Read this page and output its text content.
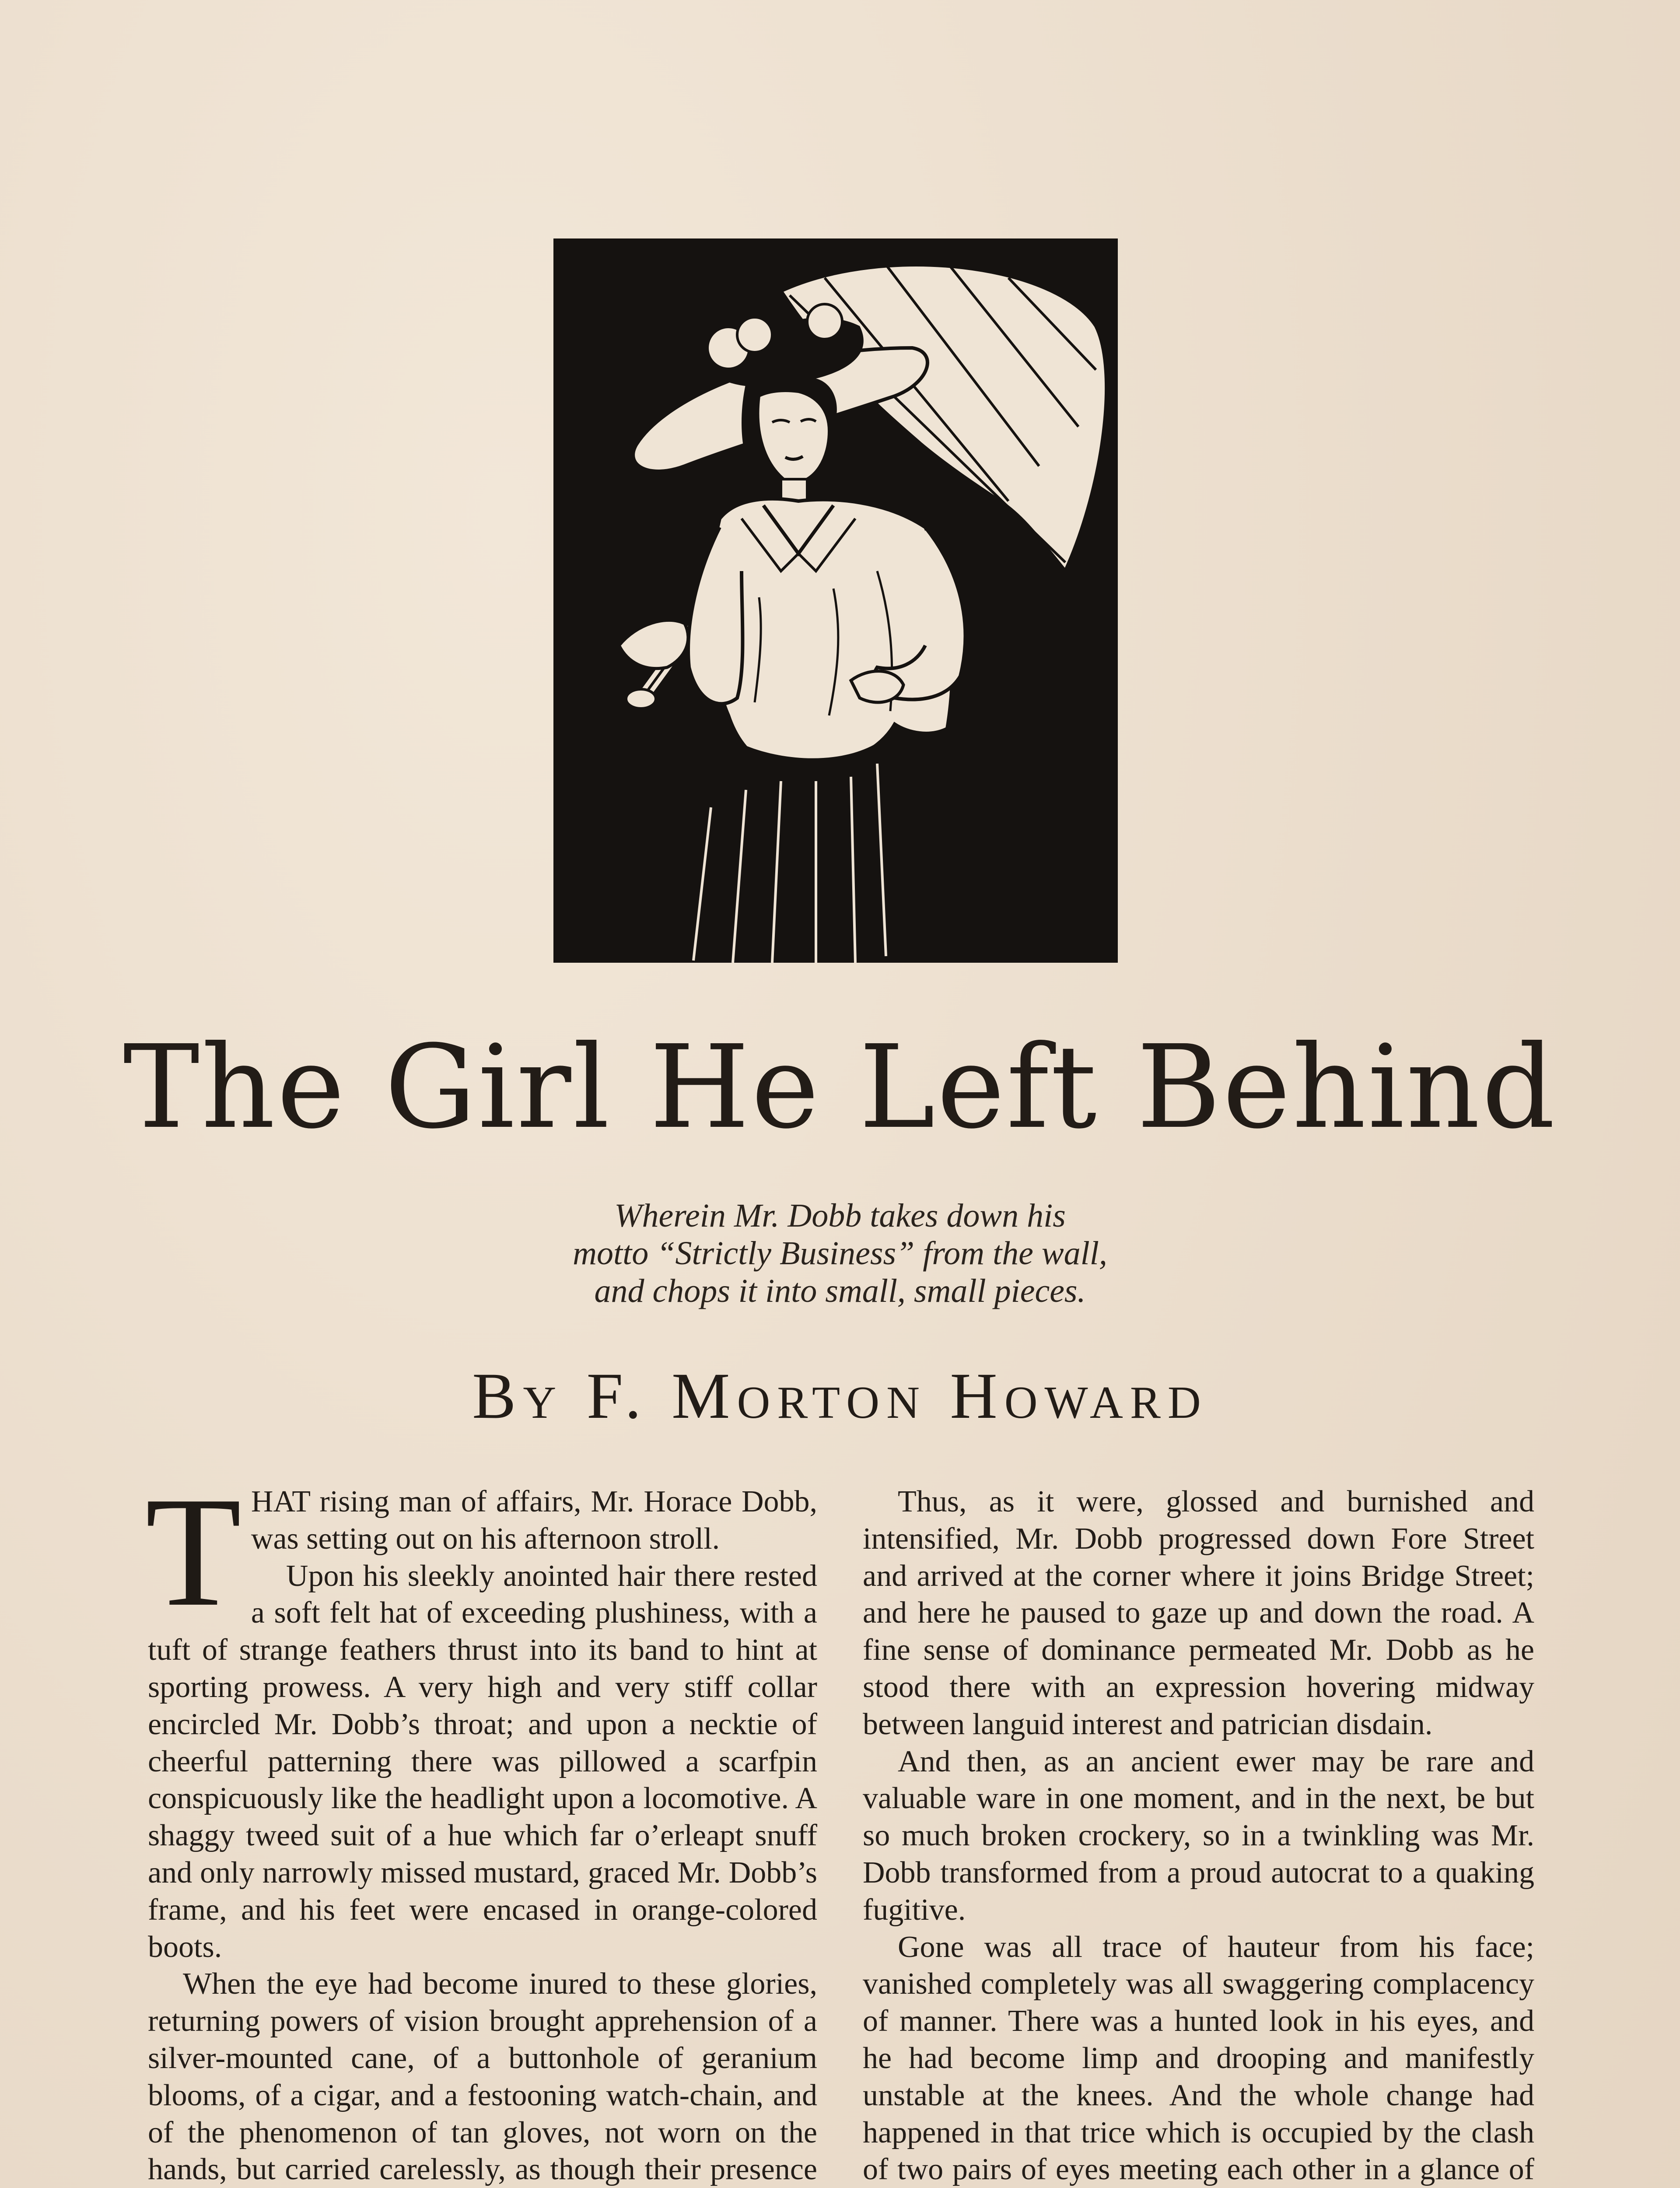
The Girl He Left Behind
Wherein Mr. Dobb takes down his
motto “Strictly Business” from the wall,
and chops it into small, small pieces.
By F. Morton Howard

THAT rising man of affairs, Mr. Horace Dobb, was setting out on his afternoon stroll.

Upon his sleekly anointed hair there rested a soft felt hat of exceeding plushiness, with a tuft of strange feathers thrust into its band to hint at sporting prowess. A very high and very stiff collar encircled Mr. Dobb’s throat; and upon a necktie of cheerful patterning there was pillowed a scarfpin conspicuously like the headlight upon a locomotive. A shaggy tweed suit of a hue which far o’erleapt snuff and only narrowly missed mustard, graced Mr. Dobb’s frame, and his feet were encased in orange-colored boots.

When the eye had become inured to these glories, returning powers of vision brought apprehension of a silver-mounted cane, of a buttonhole of geranium blooms, of a cigar, and a festooning watch-chain, and of the phenomenon of tan gloves, not worn on the hands, but carried carelessly, as though their presence

Thus, as it were, glossed and burnished and intensified, Mr. Dobb progressed down Fore Street and arrived at the corner where it joins Bridge Street; and here he paused to gaze up and down the road. A fine sense of dominance permeated Mr. Dobb as he stood there with an expression hovering midway between languid interest and patrician disdain.

And then, as an ancient ewer may be rare and valuable ware in one moment, and in the next, be but so much broken crockery, so in a twinkling was Mr. Dobb transformed from a proud autocrat to a quaking fugitive.

Gone was all trace of hauteur from his face; vanished completely was all swaggering complacency of manner. There was a hunted look in his eyes, and he had become limp and drooping and manifestly unstable at the knees. And the whole change had happened in that trice which is occupied by the clash of two pairs of eyes meeting each other in a glance of
